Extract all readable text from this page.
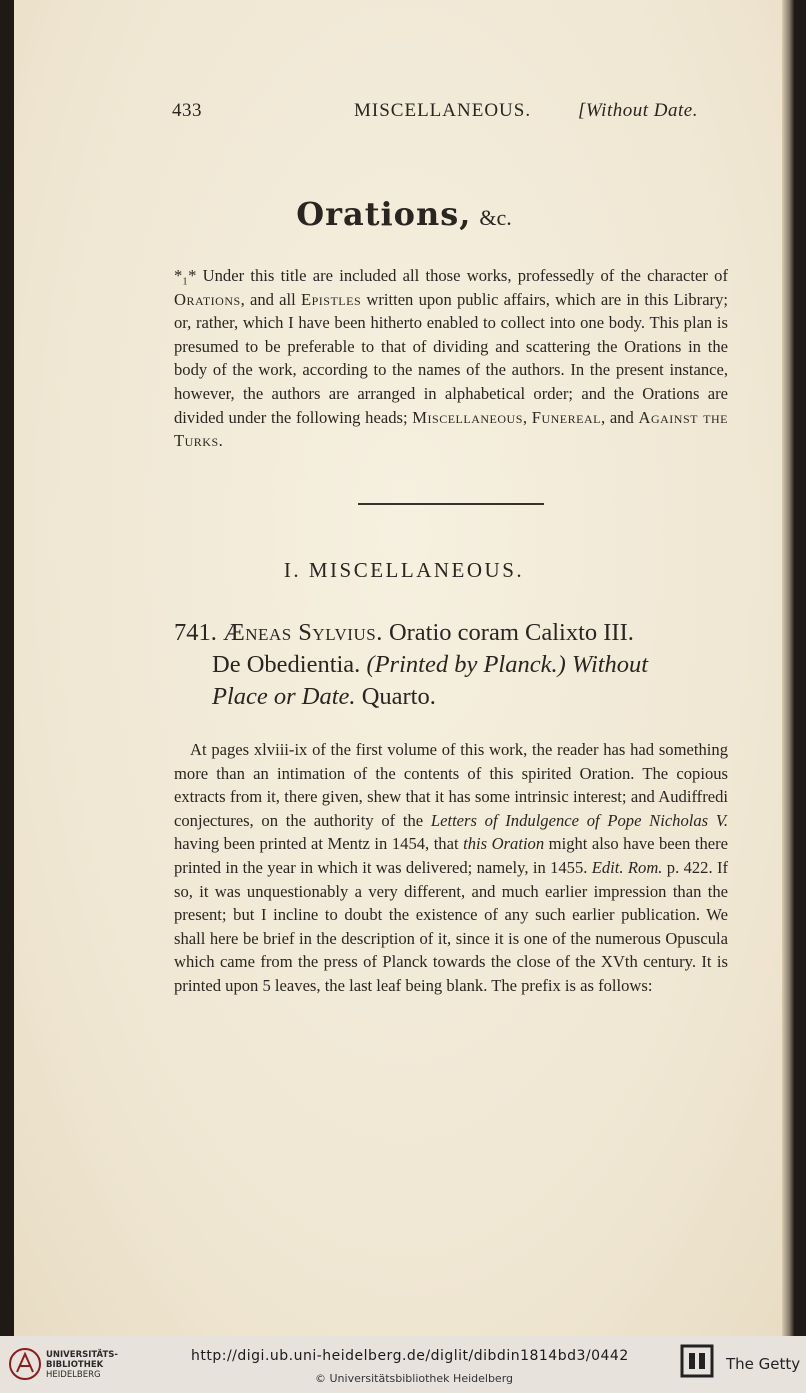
433	MISCELLANEOUS. [Without Date.
Orations, &c.

*₁* Under this title are included all those works, professedly of the character of Orations, and all Epistles written upon public affairs, which are in this Library; or, rather, which I have been hitherto enabled to collect into one body. This plan is presumed to be preferable to that of dividing and scattering the Orations in the body of the work, according to the names of the authors. In the present instance, however, the authors are arranged in alphabetical order; and the Orations are divided under the following heads; Miscellaneous, Funereal, and Against the Turks.

I. MISCELLANEOUS.
741. Æneas Sylvius. Oratio coram Calixto III.
De Obedientia. (Printed by Planck.) Without
Place or Date. Quarto.

At pages xlviii-ix of the first volume of this work, the reader has had something more than an intimation of the contents of this spirited Oration. The copious extracts from it, there given, shew that it has some intrinsic interest; and Audiffredi conjectures, on the authority of the Letters of Indulgence of Pope Nicholas V. having been printed at Mentz in 1454, that this Oration might also have been there printed in the year in which it was delivered; namely, in 1455. Edit. Rom. p. 422. If so, it was unquestionably a very different, and much earlier impression than the present; but I incline to doubt the existence of any such earlier publication. We shall here be brief in the description of it, since it is one of the numerous Opuscula which came from the press of Planck towards the close of the XVth century. It is printed upon 5 leaves, the last leaf being blank. The prefix is as follows:

UNIVERSITÄTS-
BIBLIOTHEK
HEIDELBERG
http://digi.ub.uni-heidelberg.de/diglit/dibdin1814bd3/0442
© Universitätsbibliothek Heidelberg
The Getty
